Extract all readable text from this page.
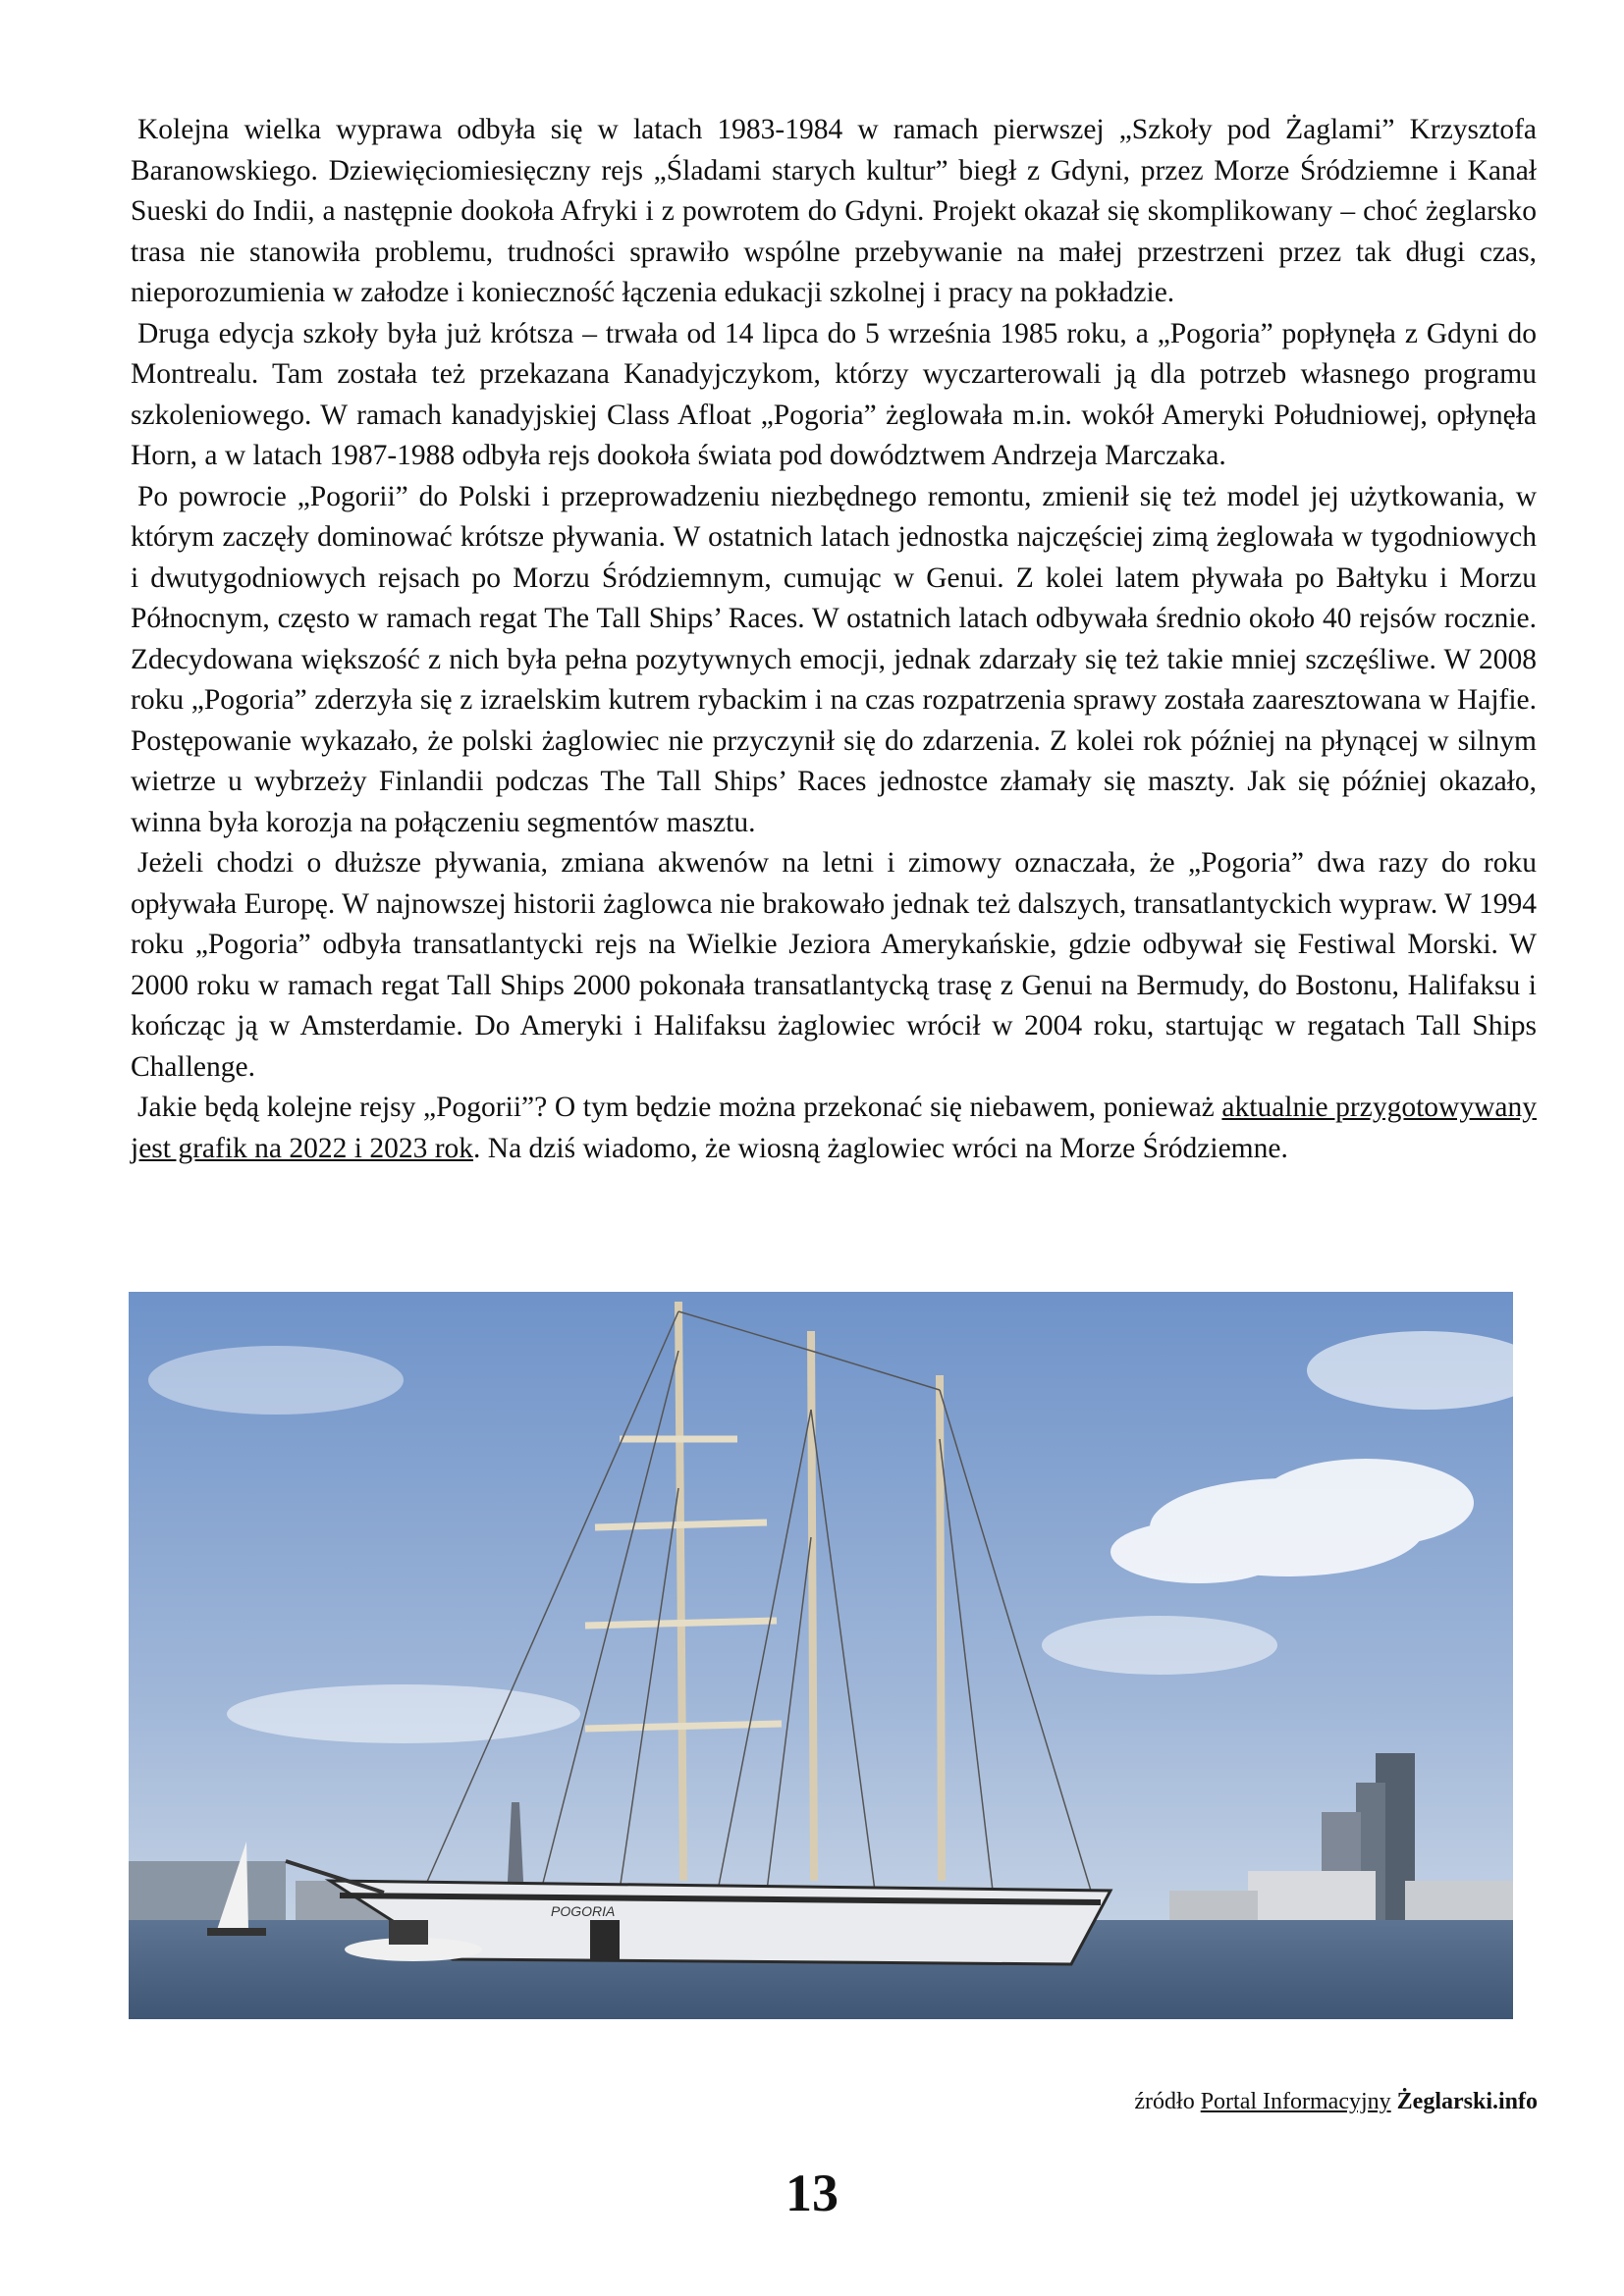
Kolejna wielka wyprawa odbyła się w latach 1983-1984 w ramach pierwszej „Szkoły pod Żaglami” Krzysztofa Baranowskiego. Dziewięciomiesięczny rejs „Śladami starych kultur” biegł z Gdyni, przez Morze Śródziemne i Kanał Sueski do Indii, a następnie dookoła Afryki i z powrotem do Gdyni. Projekt okazał się skomplikowany – choć żeglarsko trasa nie stanowiła problemu, trudności sprawiło wspólne przebywanie na małej przestrzeni przez tak długi czas, nieporozumienia w załodze i konieczność łączenia edukacji szkolnej i pracy na pokładzie.

Druga edycja szkoły była już krótsza – trwała od 14 lipca do 5 września 1985 roku, a „Pogoria” popłynęła z Gdyni do Montrealu. Tam została też przekazana Kanadyjczykom, którzy wyczarterowali ją dla potrzeb własnego programu szkoleniowego. W ramach kanadyjskiej Class Afloat „Pogoria” żeglowała m.in. wokół Ameryki Południowej, opłynęła Horn, a w latach 1987-1988 odbyła rejs dookoła świata pod dowództwem Andrzeja Marczaka.

Po powrocie „Pogorii” do Polski i przeprowadzeniu niezbędnego remontu, zmienił się też model jej użytkowania, w którym zaczęły dominować krótsze pływania. W ostatnich latach jednostka najczęściej zimą żeglowała w tygodniowych i dwutygodniowych rejsach po Morzu Śródziemnym, cumując w Genui. Z kolei latem pływała po Bałtyku i Morzu Północnym, często w ramach regat The Tall Ships’ Races. W ostatnich latach odbywała średnio około 40 rejsów rocznie. Zdecydowana większość z nich była pełna pozytywnych emocji, jednak zdarzały się też takie mniej szczęśliwe. W 2008 roku „Pogoria” zderzyła się z izraelskim kutrem rybackim i na czas rozpatrzenia sprawy została zaaresztowana w Hajfie. Postępowanie wykazało, że polski żaglowiec nie przyczynił się do zdarzenia. Z kolei rok później na płynącej w silnym wietrze u wybrzeży Finlandii podczas The Tall Ships’ Races jednostce złamały się maszty. Jak się później okazało, winna była korozja na połączeniu segmentów masztu.

Jeżeli chodzi o dłuższe pływania, zmiana akwenów na letni i zimowy oznaczała, że „Pogoria” dwa razy do roku opływała Europę. W najnowszej historii żaglowca nie brakowało jednak też dalszych, transatlantyckich wypraw. W 1994 roku „Pogoria” odbyła transatlantycki rejs na Wielkie Jeziora Amerykańskie, gdzie odbywał się Festiwal Morski. W 2000 roku w ramach regat Tall Ships 2000 pokonała transatlantycką trasę z Genui na Bermudy, do Bostonu, Halifaksu i kończąc ją w Amsterdamie. Do Ameryki i Halifaksu żaglowiec wrócił w 2004 roku, startując w regatach Tall Ships Challenge.

Jakie będą kolejne rejsy „Pogorii”? O tym będzie można przekonać się niebawem, ponieważ aktualnie przygotowywany jest grafik na 2022 i 2023 rok. Na dziś wiadomo, że wiosną żaglowiec wróci na Morze Śródziemne.

POGORIA
źródło Portal Informacyjny Żeglarski.info
13
